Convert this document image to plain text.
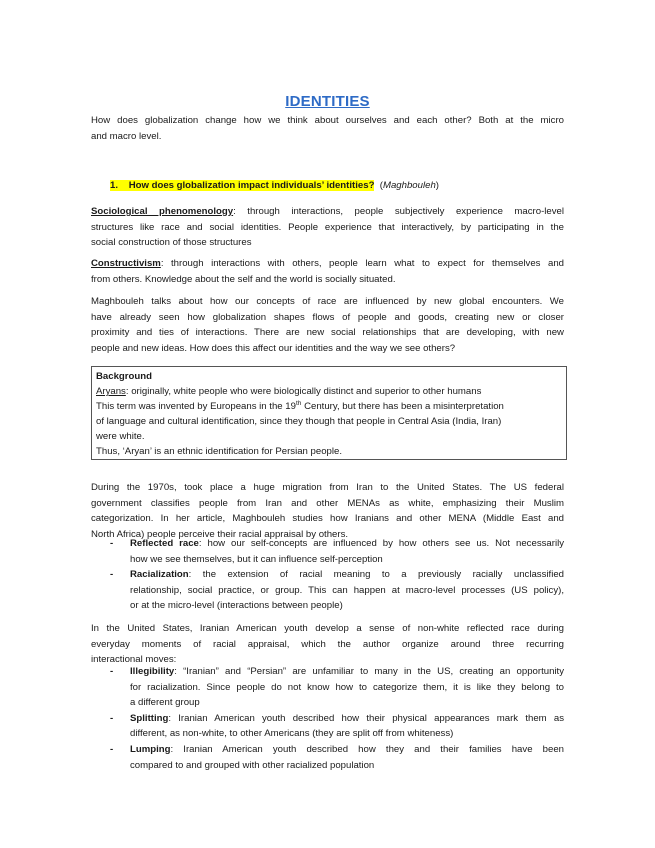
IDENTITIES
How does globalization change how we think about ourselves and each other? Both at the micro
and macro level.
1. How does globalization impact individuals’ identities?  (Maghbouleh)
Sociological phenomenology: through interactions, people subjectively experience macro-level
structures like race and social identities. People experience that interactively, by participating in the
social construction of those structures
Constructivism: through interactions with others, people learn what to expect for themselves and
from others. Knowledge about the self and the world is socially situated.
Maghbouleh talks about how our concepts of race are influenced by new global encounters. We
have already seen how globalization shapes flows of people and goods, creating new or closer
proximity and ties of interactions. There are new social relationships that are developing, with new
people and new ideas. How does this affect our identities and the way we see others?
Background
Aryans: originally, white people who were biologically distinct and superior to other humans
This term was invented by Europeans in the 19th Century, but there has been a misinterpretation
of language and cultural identification, since they though that people in Central Asia (India, Iran)
were white.
Thus, ‘Aryan’ is an ethnic identification for Persian people.
During the 1970s, took place a huge migration from Iran to the United States. The US federal
government classifies people from Iran and other MENAs as white, emphasizing their Muslim
categorization. In her article, Maghbouleh studies how Iranians and other MENA (Middle East and
North Africa) people perceive their racial appraisal by others.
- Reflected race: how our self-concepts are influenced by how others see us. Not necessarily
how we see themselves, but it can influence self-perception
- Racialization: the extension of racial meaning to a previously racially unclassified
relationship, social practice, or group. This can happen at macro-level processes (US policy),
or at the micro-level (interactions between people)
In the United States, Iranian American youth develop a sense of non-white reflected race during
everyday moments of racial appraisal, which the author organize around three recurring
interactional moves:
- Illegibility: “Iranian” and “Persian” are unfamiliar to many in the US, creating an opportunity
for racialization. Since people do not know how to categorize them, it is like they belong to
a different group
- Splitting: Iranian American youth described how their physical appearances mark them as
different, as non-white, to other Americans (they are split off from whiteness)
- Lumping: Iranian American youth described how they and their families have been
compared to and grouped with other racialized population
